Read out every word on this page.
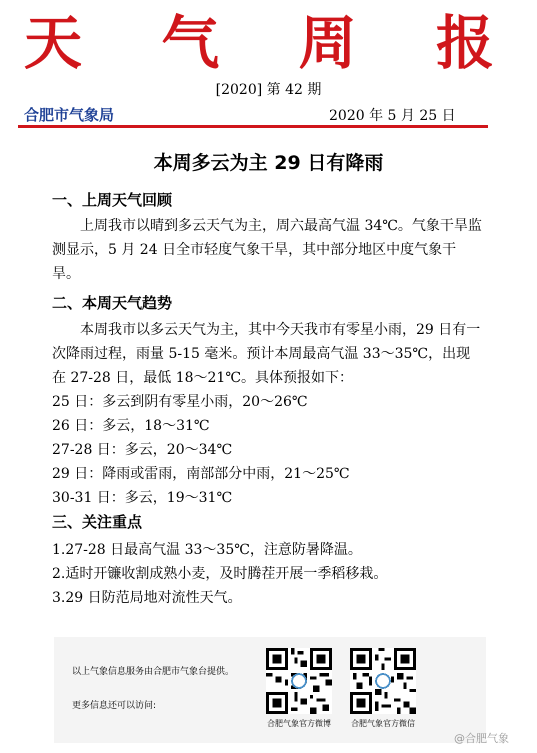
天 气 周 报
[2020] 第 42 期
合肥市气象局	2020 年 5 月 25 日
本周多云为主 29 日有降雨
一、上周天气回顾

上周我市以晴到多云天气为主，周六最高气温 34℃。气象干旱监测显示，5 月 24 日全市轻度气象干旱，其中部分地区中度气象干旱。

二、本周天气趋势

本周我市以多云天气为主，其中今天我市有零星小雨，29 日有一次降雨过程，雨量 5-15 毫米。预计本周最高气温 33～35℃，出现在 27-28 日，最低 18～21℃。具体预报如下：

25 日：多云到阴有零星小雨，20～26℃

26 日：多云，18～31℃

27-28 日：多云，20～34℃

29 日：降雨或雷雨，南部部分中雨，21～25℃

30-31 日：多云，19～31℃

三、关注重点

1.27-28 日最高气温 33～35℃，注意防暑降温。

2.适时开镰收割成熟小麦，及时腾茬开展一季稻移栽。

3.29 日防范局地对流性天气。

以上气象信息服务由合肥市气象台提供。
更多信息还可以访问:
合肥气象官方微博	合肥气象官方微信
@合肥气象
